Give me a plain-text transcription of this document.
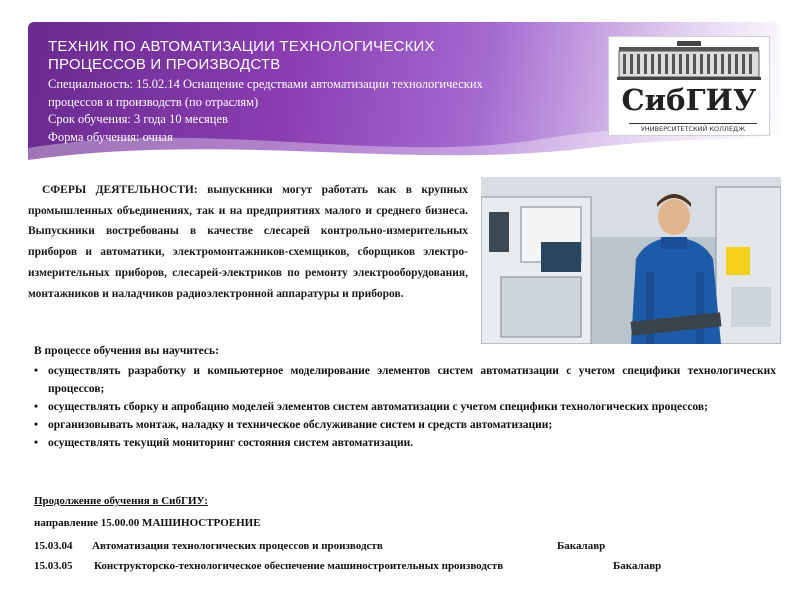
ТЕХНИК ПО АВТОМАТИЗАЦИИ ТЕХНОЛОГИЧЕСКИХ ПРОЦЕССОВ И ПРОИЗВОДСТВ
Специальность: 15.02.14 Оснащение средствами автоматизации технологических процессов и производств (по отраслям)
Срок обучения: 3 года 10 месяцев
Форма обучения: очная
СибГИУ
УНИВЕРСИТЕТСКИЙ КОЛЛЕДЖ
СФЕРЫ ДЕЯТЕЛЬНОСТИ: выпускники могут работать как в крупных промышленных объединениях, так и на предприятиях малого и среднего бизнеса. Выпускники востребованы в качестве слесарей контрольно-измерительных приборов и автоматики, электромонтажников-схемщиков, сборщиков электро-измерительных приборов, слесарей-электриков по ремонту электрооборудования, монтажников и наладчиков радиоэлектронной аппаратуры и приборов.
В процессе обучения вы научитесь:
• осуществлять разработку и компьютерное моделирование элементов систем автоматизации с учетом специфики технологических процессов;
• осуществлять сборку и апробацию моделей элементов систем автоматизации с учетом специфики технологических процессов;
• организовывать монтаж, наладку и техническое обслуживание систем и средств автоматизации;
• осуществлять текущий мониторинг состояния систем автоматизации.
Продолжение обучения в СибГИУ:
направление 15.00.00 МАШИНОСТРОЕНИЕ
15.03.04 Автоматизация технологических процессов и производств	Бакалавр
15.03.05 Конструкторско-технологическое обеспечение машиностроительных производств	Бакалавр
